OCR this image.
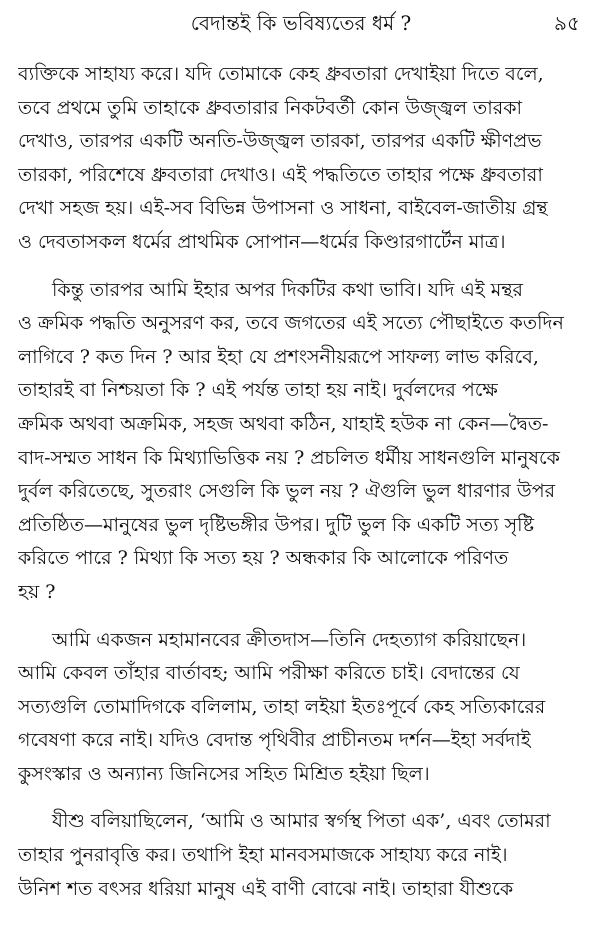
বেদান্তই কি ভবিষ্যতের ধর্ম ?	৯৫
ব্যক্তিকে সাহায্য করে। যদি তোমাকে কেহ ধ্রুবতারা দেখাইয়া দিতে বলে,
তবে প্রথমে তুমি তাহাকে ধ্রুবতারার নিকটবর্তী কোন উজ্জ্বল তারকা
দেখাও, তারপর একটি অনতি-উজ্জ্বল তারকা, তারপর একটি ক্ষীণপ্রভ
তারকা, পরিশেষে ধ্রুবতারা দেখাও। এই পদ্ধতিতে তাহার পক্ষে ধ্রুবতারা
দেখা সহজ হয়। এই-সব বিভিন্ন উপাসনা ও সাধনা, বাইবেল-জাতীয় গ্রন্থ
ও দেবতাসকল ধর্মের প্রাথমিক সোপান—ধর্মের কিণ্ডারগার্টেন মাত্র।
কিন্তু তারপর আমি ইহার অপর দিকটির কথা ভাবি। যদি এই মন্থর
ও ক্রমিক পদ্ধতি অনুসরণ কর, তবে জগতের এই সত্যে পৌছাইতে কতদিন
লাগিবে ? কত দিন ? আর ইহা যে প্রশংসনীয়রূপে সাফল্য লাভ করিবে,
তাহারই বা নিশ্চয়তা কি ? এই পর্যন্ত তাহা হয় নাই। দুর্বলদের পক্ষে
ক্রমিক অথবা অক্রমিক, সহজ অথবা কঠিন, যাহাই হউক না কেন—দ্বৈত-
বাদ-সম্মত সাধন কি মিথ্যাভিত্তিক নয় ? প্রচলিত ধর্মীয় সাধনগুলি মানুষকে
দুর্বল করিতেছে, সুতরাং সেগুলি কি ভুল নয় ? ঐগুলি ভুল ধারণার উপর
প্রতিষ্ঠিত—মানুষের ভুল দৃষ্টিভঙ্গীর উপর। দুটি ভুল কি একটি সত্য সৃষ্টি
করিতে পারে ? মিথ্যা কি সত্য হয় ? অন্ধকার কি আলোকে পরিণত
হয় ?
আমি একজন মহামানবের ক্রীতদাস—তিনি দেহত্যাগ করিয়াছেন।
আমি কেবল তাঁহার বার্তাবহ; আমি পরীক্ষা করিতে চাই। বেদান্তের যে
সত্যগুলি তোমাদিগকে বলিলাম, তাহা লইয়া ইতঃপূর্বে কেহ সত্যিকারের
গবেষণা করে নাই। যদিও বেদান্ত পৃথিবীর প্রাচীনতম দর্শন—ইহা সর্বদাই
কুসংস্কার ও অন্যান্য জিনিসের সহিত মিশ্রিত হইয়া ছিল।
যীশু বলিয়াছিলেন, ‘আমি ও আমার স্বর্গস্থ পিতা এক’, এবং তোমরা
তাহার পুনরাবৃত্তি কর। তথাপি ইহা মানবসমাজকে সাহায্য করে নাই।
উনিশ শত বৎসর ধরিয়া মানুষ এই বাণী বোঝে নাই। তাহারা যীশুকে
